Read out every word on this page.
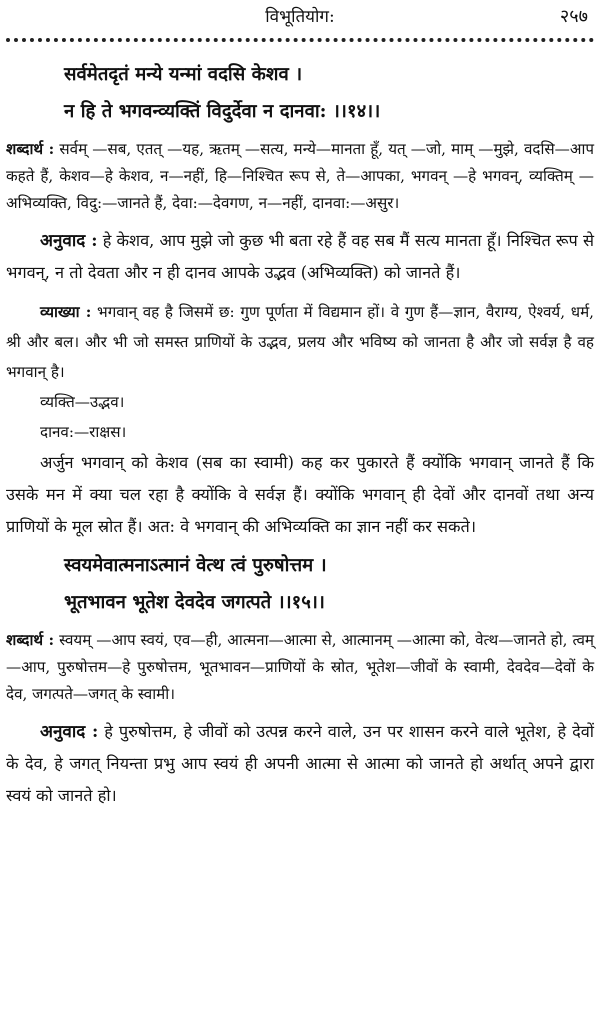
विभूतियोग:	२५७
सर्वमेतदृतं मन्ये यन्मां वदसि केशव ।
न हि ते भगवन्व्यक्तिं विदुर्देवा न दानवा: ।।१४।।

शब्दार्थ : सर्वम् —सब, एतत् —यह, ऋतम् —सत्य, मन्ये—मानता हूँ, यत् —जो, माम् —मुझे, वदसि—आप कहते हैं, केशव—हे केशव, न—नहीं, हि—निश्चित रूप से, ते—आपका, भगवन् —हे भगवन्, व्यक्तिम् —अभिव्यक्ति, विदु:—जानते हैं, देवा:—देवगण, न—नहीं, दानवा:—असुर।

अनुवाद : हे केशव, आप मुझे जो कुछ भी बता रहे हैं वह सब मैं सत्य मानता हूँ। निश्चित रूप से भगवन्, न तो देवता और न ही दानव आपके उद्भव (अभिव्यक्ति) को जानते हैं।

व्याख्या : भगवान् वह है जिसमें छ: गुण पूर्णता में विद्यमान हों। वे गुण हैं—ज्ञान, वैराग्य, ऐश्वर्य, धर्म, श्री और बल। और भी जो समस्त प्राणियों के उद्भव, प्रलय और भविष्य को जानता है और जो सर्वज्ञ है वह भगवान् है।

व्यक्ति—उद्भव।
दानव:—राक्षस।

अर्जुन भगवान् को केशव (सब का स्वामी) कह कर पुकारते हैं क्योंकि भगवान् जानते हैं कि उसके मन में क्या चल रहा है क्योंकि वे सर्वज्ञ हैं। क्योंकि भगवान् ही देवों और दानवों तथा अन्य प्राणियों के मूल स्रोत हैं। अत: वे भगवान् की अभिव्यक्ति का ज्ञान नहीं कर सकते।

स्वयमेवात्मनाऽत्मानं वेत्थ त्वं पुरुषोत्तम ।
भूतभावन भूतेश देवदेव जगत्पते ।।१५।।

शब्दार्थ : स्वयम् —आप स्वयं, एव—ही, आत्मना—आत्मा से, आत्मानम् —आत्मा को, वेत्थ—जानते हो, त्वम् —आप, पुरुषोत्तम—हे पुरुषोत्तम, भूतभावन—प्राणियों के स्रोत, भूतेश—जीवों के स्वामी, देवदेव—देवों के देव, जगत्पते—जगत् के स्वामी।

अनुवाद : हे पुरुषोत्तम, हे जीवों को उत्पन्न करने वाले, उन पर शासन करने वाले भूतेश, हे देवों के देव, हे जगत् नियन्ता प्रभु आप स्वयं ही अपनी आत्मा से आत्मा को जानते हो अर्थात् अपने द्वारा स्वयं को जानते हो।
